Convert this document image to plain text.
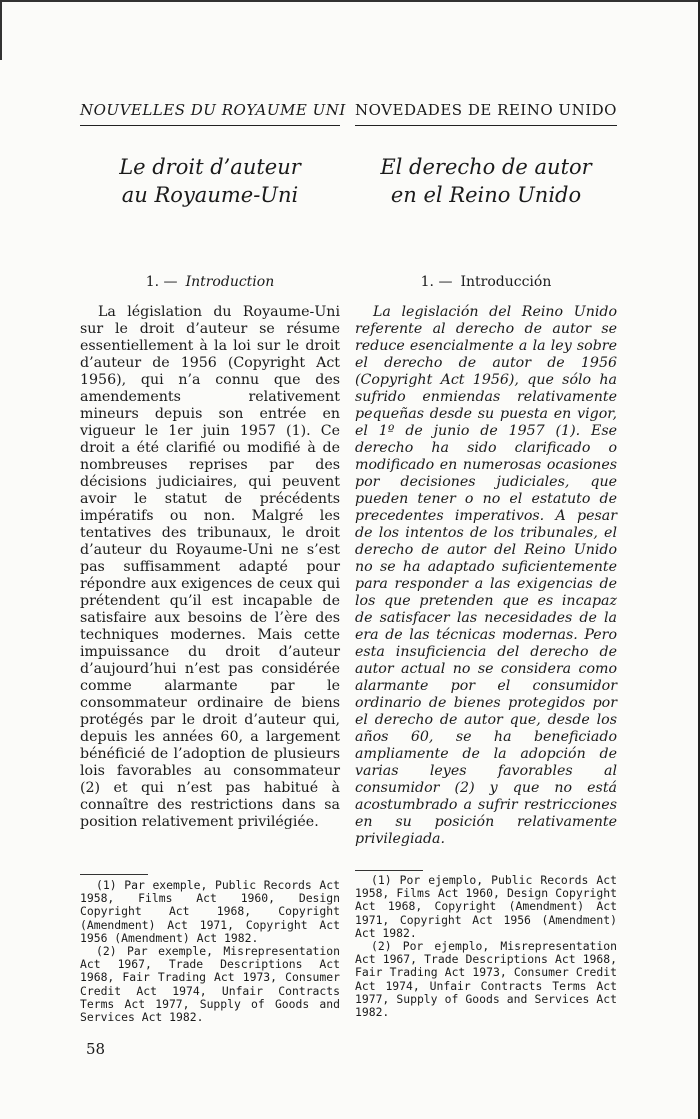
NOUVELLES DU ROYAUME UNI NOVEDADES DE REINO UNIDO
Le droit d’auteur
au Royaume-Uni
El derecho de autor
en el Reino Unido
1. — Introduction	1. — Introducción

La législation du Royaume-Uni sur le droit d’auteur se résume essentiellement à la loi sur le droit d’auteur de 1956 (Copyright Act 1956), qui n’a connu que des amendements relativement mineurs depuis son entrée en vigueur le 1er juin 1957 (1). Ce droit a été clarifié ou modifié à de nombreuses reprises par des décisions judiciaires, qui peuvent avoir le statut de précédents impératifs ou non. Malgré les tentatives des tribunaux, le droit d’auteur du Royaume-Uni ne s’est pas suffisamment adapté pour répondre aux exigences de ceux qui prétendent qu’il est incapable de satisfaire aux besoins de l’ère des techniques modernes. Mais cette impuissance du droit d’auteur d’aujourd’hui n’est pas considérée comme alarmante par le consommateur ordinaire de biens protégés par le droit d’auteur qui, depuis les années 60, a largement bénéficié de l’adoption de plusieurs lois favorables au consommateur (2) et qui n’est pas habitué à connaître des restrictions dans sa position relativement privilégiée.

La legislación del Reino Unido referente al derecho de autor se reduce esencialmente a la ley sobre el derecho de autor de 1956 (Copyright Act 1956), que sólo ha sufrido enmiendas relativamente pequeñas desde su puesta en vigor, el 1º de junio de 1957 (1). Ese derecho ha sido clarificado o modificado en numerosas ocasiones por decisiones judiciales, que pueden tener o no el estatuto de precedentes imperativos. A pesar de los intentos de los tribunales, el derecho de autor del Reino Unido no se ha adaptado suficientemente para responder a las exigencias de los que pretenden que es incapaz de satisfacer las necesidades de la era de las técnicas modernas. Pero esta insuficiencia del derecho de autor actual no se considera como alarmante por el consumidor ordinario de bienes protegidos por el derecho de autor que, desde los años 60, se ha beneficiado ampliamente de la adopción de varias leyes favorables al consumidor (2) y que no está acostumbrado a sufrir restricciones en su posición relativamente privilegiada.

(1) Par exemple, Public Records Act 1958, Films Act 1960, Design Copyright Act 1968, Copyright (Amendment) Act 1971, Copyright Act 1956 (Amendment) Act 1982.

(2) Par exemple, Misrepresentation Act 1967, Trade Descriptions Act 1968, Fair Trading Act 1973, Consumer Credit Act 1974, Unfair Contracts Terms Act 1977, Supply of Goods and Services Act 1982.

(1) Por ejemplo, Public Records Act 1958, Films Act 1960, Design Copyright Act 1968, Copyright (Amendment) Act 1971, Copyright Act 1956 (Amendment) Act 1982.

(2) Por ejemplo, Misrepresentation Act 1967, Trade Descriptions Act 1968, Fair Trading Act 1973, Consumer Credit Act 1974, Unfair Contracts Terms Act 1977, Supply of Goods and Services Act 1982.

58
